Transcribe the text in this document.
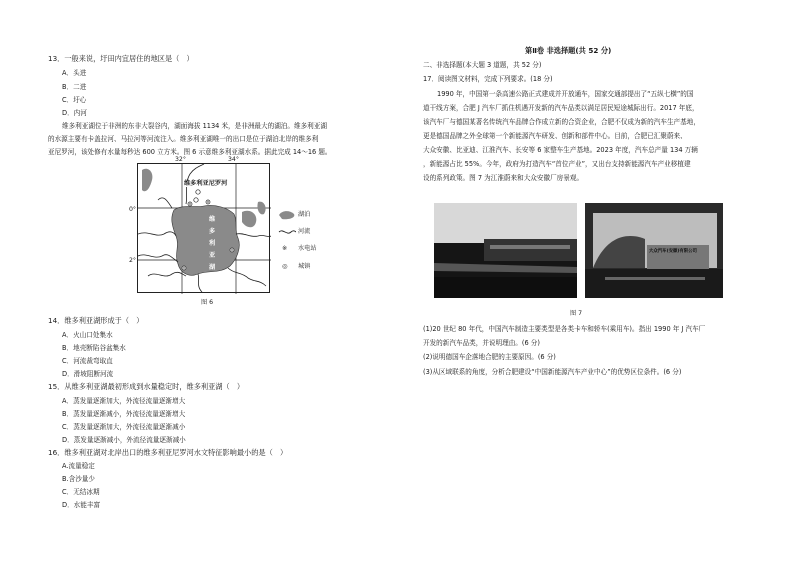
13．一般来说，圩田内宜居住的地区是（　）
A．头进
B．二进
C．圩心
D．内河
维多利亚湖位于非洲的东非大裂谷内，湖面海拔 1134 米，是非洲最大的湖泊。维多利亚湖
的水源主要有卡盖拉河、马拉河等河流注入。维多利亚湖唯一的出口是位于湖泊北岸的维多利
亚尼罗河，该处修有水量每秒达 600 立方米。图 6 示意维多利亚湖水系。据此完成 14～16 题。
32°	34°
0°
2°
维多利亚尼罗河
维
多
利
亚
湖
湖泊
河流
※ 水电站
◎ 城镇
图 6
14．维多利亚湖形成于（　）
A．火山口处集水
B．地壳断陷谷盆集水
C．河流裁弯取直
D．滑坡阻断河流
15．从维多利亚湖最初形成到水量稳定时，维多利亚湖（　）
A．蒸发量逐渐加大，外流径流量逐渐增大
B．蒸发量逐渐减小，外流径流量逐渐增大
C．蒸发量逐渐加大，外流径流量逐渐减小
D．蒸发量逐渐减小，外流径流量逐渐减小
16．维多利亚湖对北岸出口的维多利亚尼罗河水文特征影响最小的是（　）
A.流量稳定
B.含沙量少
C．无结冰期
D．水能丰富
第Ⅱ卷 非选择题(共 52 分)
二、非选择题(本大题 3 道题，共 52 分)
17．阅读图文材料，完成下列要求。(18 分)
1990 年，中国第一条高速公路正式建成并开放通车，国家交通部提出了“五纵七横”的国
道干线方案，合肥 J 汽车厂抓住机遇开发新的汽车品类以满足居民短途城际出行。2017 年底，
该汽车厂与德国某著名传统汽车品牌合作成立新的合资企业，合肥不仅成为新的汽车生产基地，
更是德国品牌之外全球第一个新能源汽车研发、创新和部件中心。目前，合肥已汇聚蔚来、
大众安徽、比亚迪、江淮汽车、长安等 6 家整车生产基地。2023 年度，汽车总产量 134 万辆
，新能源占比 55%。今年，政府为打造汽车“首位产业”，又出台支持新能源汽车产业移植建
设的系列政策。图 7 为江淮蔚来和大众安徽厂房景观。
大众汽车(安徽)有限公司
图 7
(1)20 世纪 80 年代，中国汽车制造主要类型是各类卡车和轿车(乘用车)。指出 1990 年 J 汽车厂
开发的新汽车品类，并说明理由。(6 分)
(2)说明德国车企落地合肥的主要原因。(6 分)
(3)从区域联系的角度，分析合肥建设“中国新能源汽车产业中心”的优势区位条件。(6 分)
